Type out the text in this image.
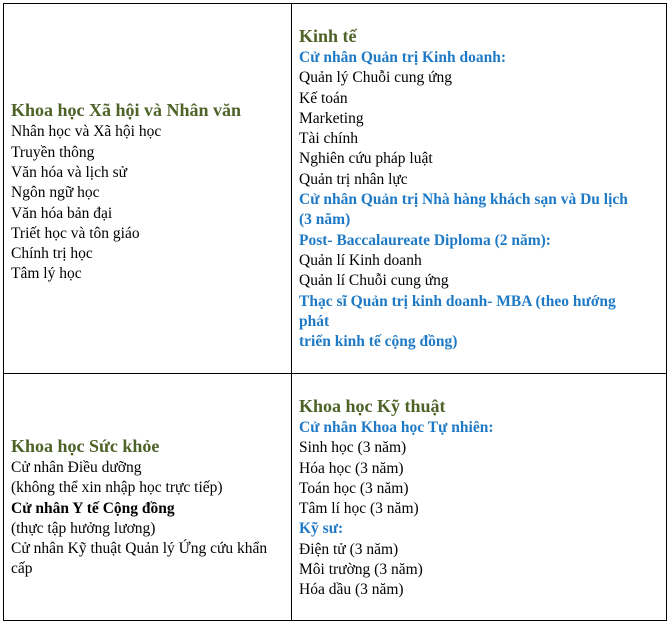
Khoa học Xã hội và Nhân văn
Nhân học và Xã hội học
Truyền thông
Văn hóa và lịch sử
Ngôn ngữ học
Văn hóa bản đại
Triết học và tôn giáo
Chính trị học
Tâm lý học
Kinh tế
Cử nhân Quản trị Kinh doanh:
Quản lý Chuỗi cung ứng
Kế toán
Marketing
Tài chính
Nghiên cứu pháp luật
Quản trị nhân lực
Cử nhân Quản trị Nhà hàng khách sạn và Du lịch (3 năm)
Post- Baccalaureate Diploma (2 năm):
Quản lí Kinh doanh
Quản lí Chuỗi cung ứng
Thạc sĩ Quản trị kinh doanh- MBA (theo hướng phát
triển kinh tế cộng đồng)
Khoa học Sức khỏe
Cử nhân Điều dưỡng
(không thể xin nhập học trực tiếp)
Cử nhân Y tế Cộng đồng
(thực tập hưởng lương)
Cử nhân Kỹ thuật Quản lý Ứng cứu khẩn cấp
Khoa học Kỹ thuật
Cử nhân Khoa học Tự nhiên:
Sinh học (3 năm)
Hóa học (3 năm)
Toán học (3 năm)
Tâm lí học (3 năm)
Kỹ sư:
Điện tử (3 năm)
Môi trường (3 năm)
Hóa dầu (3 năm)
